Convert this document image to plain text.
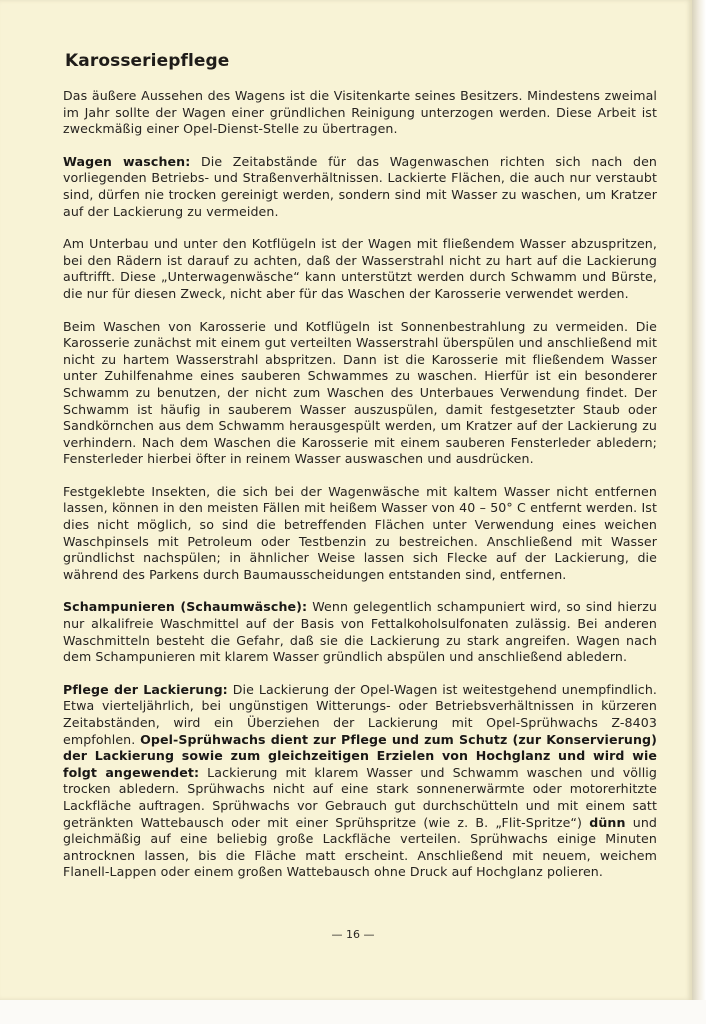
Karosseriepflege

Das äußere Aussehen des Wagens ist die Visitenkarte seines Besitzers. Mindestens zweimal im Jahr sollte der Wagen einer gründlichen Reinigung unterzogen werden. Diese Arbeit ist zweckmäßig einer Opel-Dienst-Stelle zu übertragen.

Wagen waschen: Die Zeitabstände für das Wagenwaschen richten sich nach den vorliegenden Betriebs- und Straßenverhältnissen. Lackierte Flächen, die auch nur verstaubt sind, dürfen nie trocken gereinigt werden, sondern sind mit Wasser zu waschen, um Kratzer auf der Lackierung zu vermeiden.

Am Unterbau und unter den Kotflügeln ist der Wagen mit fließendem Wasser abzuspritzen, bei den Rädern ist darauf zu achten, daß der Wasserstrahl nicht zu hart auf die Lackierung auftrifft. Diese „Unterwagenwäsche“ kann unterstützt werden durch Schwamm und Bürste, die nur für diesen Zweck, nicht aber für das Waschen der Karosserie verwendet werden.

Beim Waschen von Karosserie und Kotflügeln ist Sonnenbestrahlung zu vermeiden. Die Karosserie zunächst mit einem gut verteilten Wasserstrahl überspülen und anschließend mit nicht zu hartem Wasserstrahl abspritzen. Dann ist die Karosserie mit fließendem Wasser unter Zuhilfenahme eines sauberen Schwammes zu waschen. Hierfür ist ein besonderer Schwamm zu benutzen, der nicht zum Waschen des Unterbaues Verwendung findet. Der Schwamm ist häufig in sauberem Wasser auszuspülen, damit festgesetzter Staub oder Sandkörnchen aus dem Schwamm herausgespült werden, um Kratzer auf der Lackierung zu verhindern. Nach dem Waschen die Karosserie mit einem sauberen Fensterleder abledern; Fensterleder hierbei öfter in reinem Wasser auswaschen und ausdrücken.

Festgeklebte Insekten, die sich bei der Wagenwäsche mit kaltem Wasser nicht entfernen lassen, können in den meisten Fällen mit heißem Wasser von 40 – 50° C entfernt werden. Ist dies nicht möglich, so sind die betreffenden Flächen unter Verwendung eines weichen Waschpinsels mit Petroleum oder Testbenzin zu bestreichen. Anschließend mit Wasser gründlichst nachspülen; in ähnlicher Weise lassen sich Flecke auf der Lackierung, die während des Parkens durch Baumausscheidungen entstanden sind, entfernen.

Schampunieren (Schaumwäsche): Wenn gelegentlich schampuniert wird, so sind hierzu nur alkalifreie Waschmittel auf der Basis von Fettalkoholsulfonaten zulässig. Bei anderen Waschmitteln besteht die Gefahr, daß sie die Lackierung zu stark angreifen. Wagen nach dem Schampunieren mit klarem Wasser gründlich abspülen und anschließend abledern.

Pflege der Lackierung: Die Lackierung der Opel-Wagen ist weitestgehend unempfindlich. Etwa vierteljährlich, bei ungünstigen Witterungs- oder Betriebsverhältnissen in kürzeren Zeitabständen, wird ein Überziehen der Lackierung mit Opel-Sprühwachs Z-8403 empfohlen. Opel-Sprühwachs dient zur Pflege und zum Schutz (zur Konservierung) der Lackierung sowie zum gleichzeitigen Erzielen von Hochglanz und wird wie folgt angewendet: Lackierung mit klarem Wasser und Schwamm waschen und völlig trocken abledern. Sprühwachs nicht auf eine stark sonnenerwärmte oder motorerhitzte Lackfläche auftragen. Sprühwachs vor Gebrauch gut durchschütteln und mit einem satt getränkten Wattebausch oder mit einer Sprühspritze (wie z. B. „Flit-Spritze“) dünn und gleichmäßig auf eine beliebig große Lackfläche verteilen. Sprühwachs einige Minuten antrocknen lassen, bis die Fläche matt erscheint. Anschließend mit neuem, weichem Flanell-Lappen oder einem großen Wattebausch ohne Druck auf Hochglanz polieren.

— 16 —
